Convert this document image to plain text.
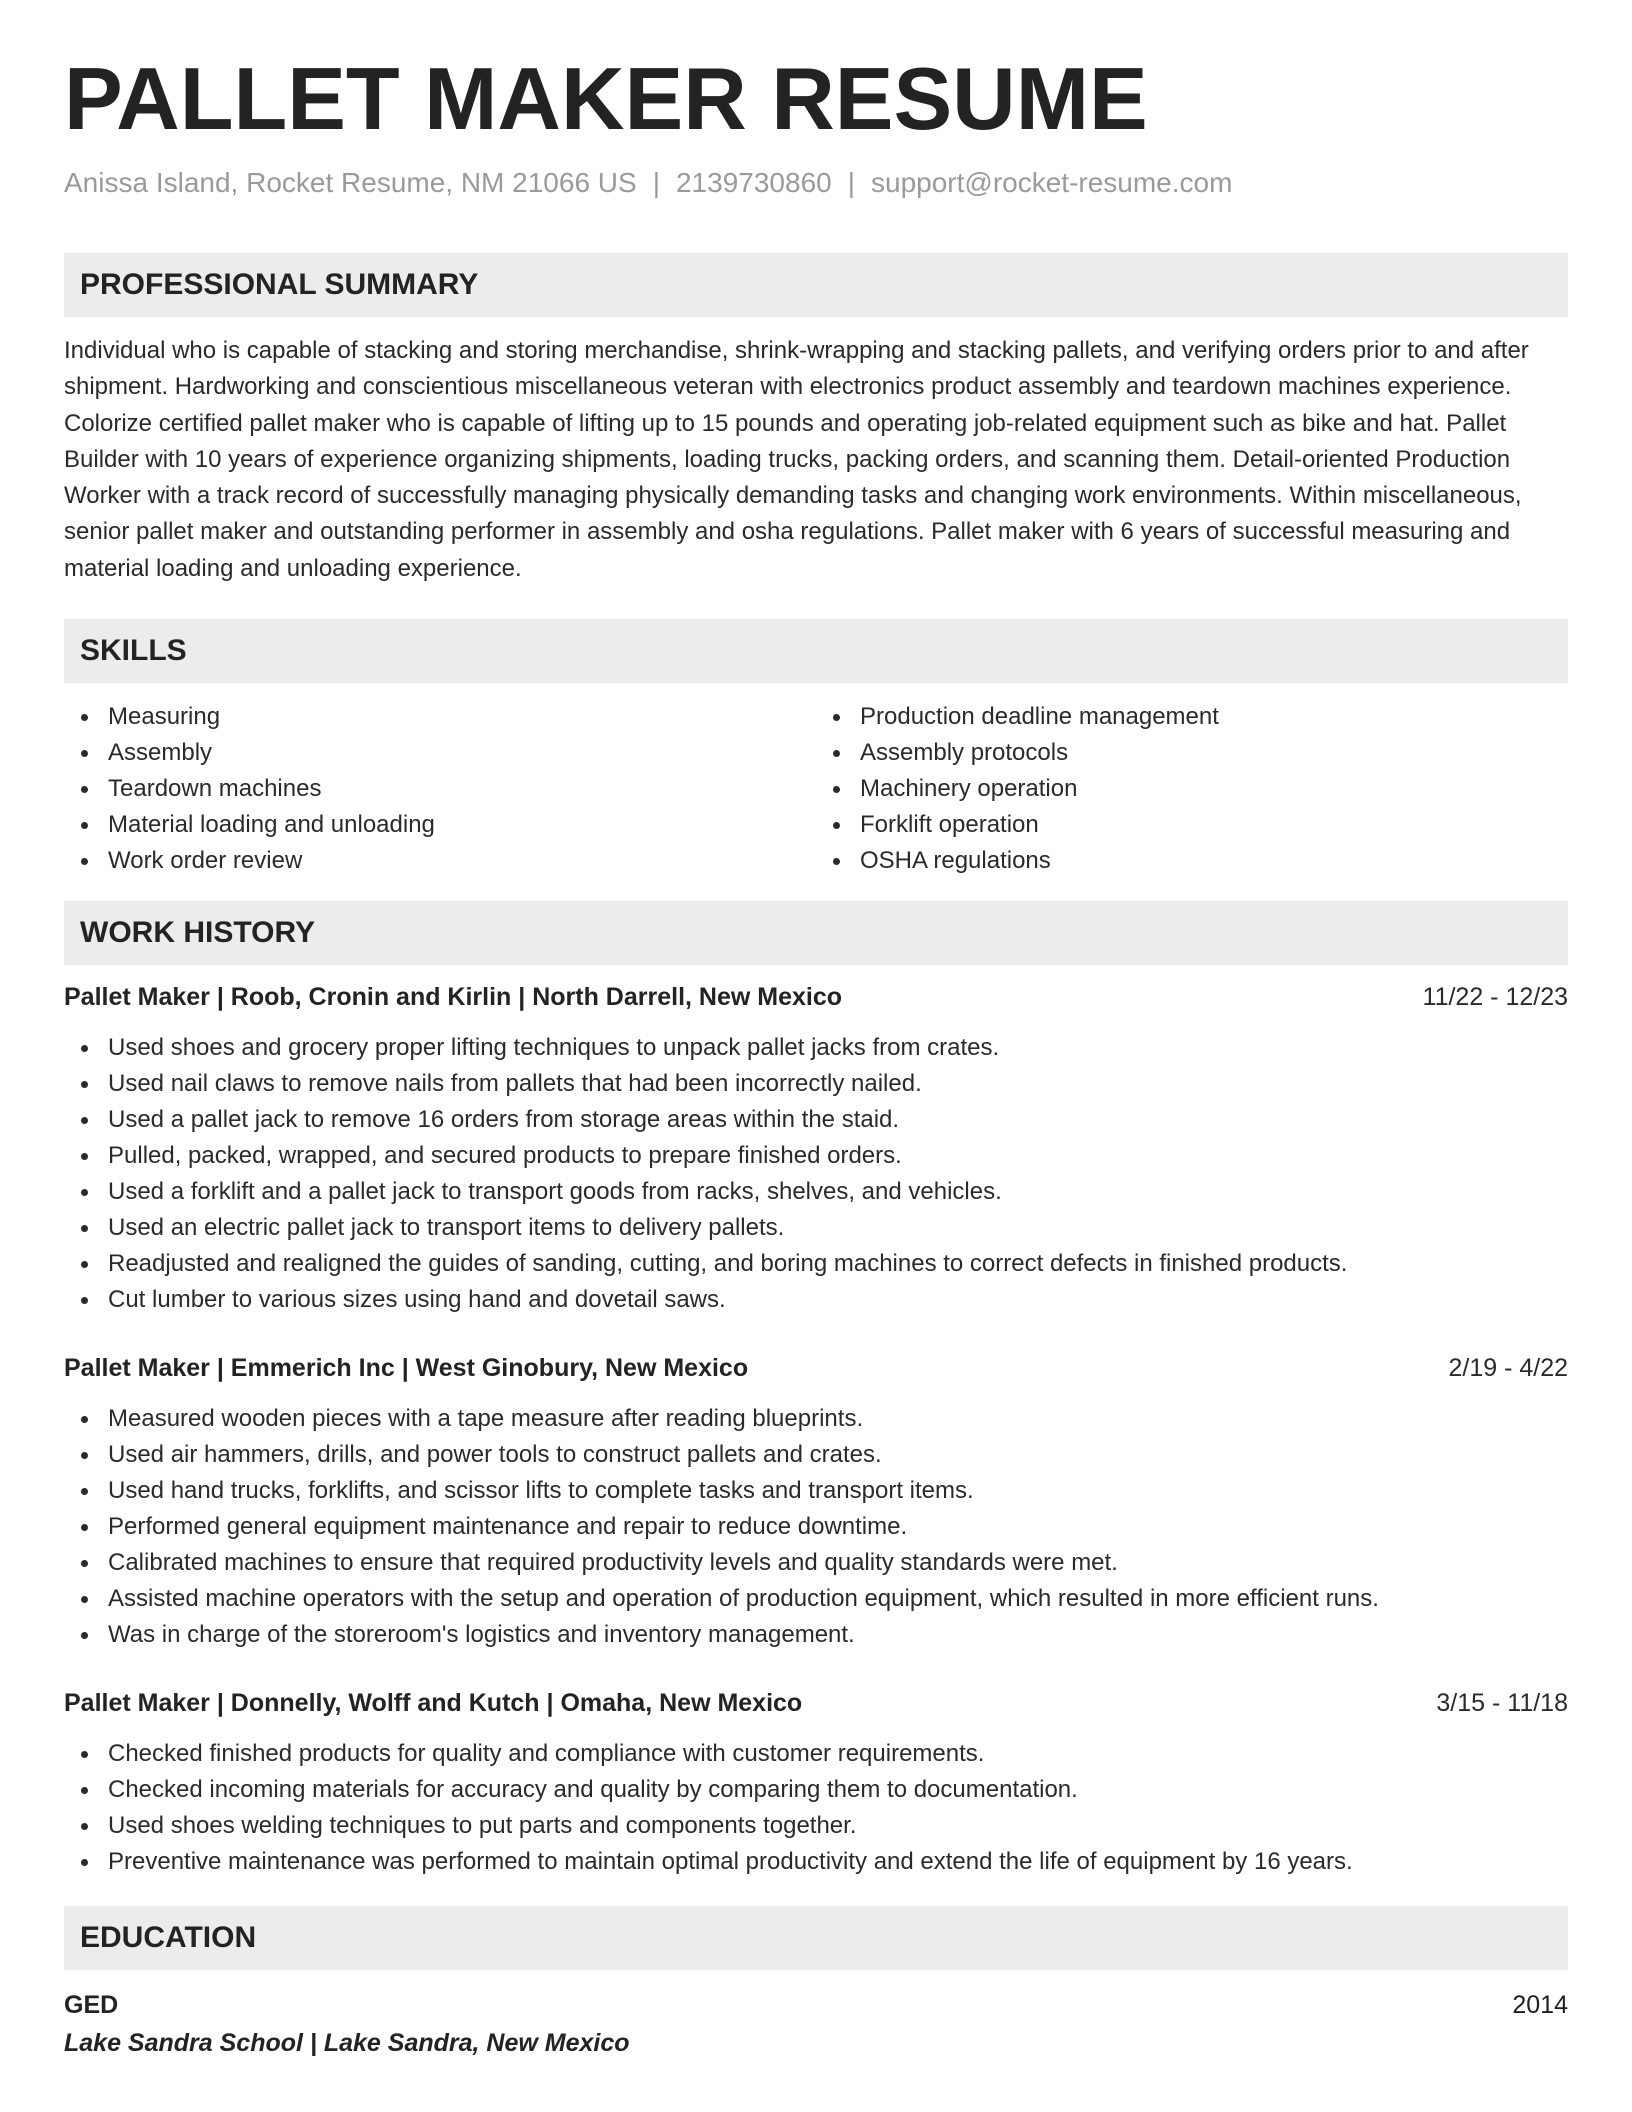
PALLET MAKER RESUME
Anissa Island, Rocket Resume, NM 21066 US | 2139730860 | support@rocket-resume.com
PROFESSIONAL SUMMARY
Individual who is capable of stacking and storing merchandise, shrink-wrapping and stacking pallets, and verifying orders prior to and after shipment. Hardworking and conscientious miscellaneous veteran with electronics product assembly and teardown machines experience. Colorize certified pallet maker who is capable of lifting up to 15 pounds and operating job-related equipment such as bike and hat. Pallet Builder with 10 years of experience organizing shipments, loading trucks, packing orders, and scanning them. Detail-oriented Production Worker with a track record of successfully managing physically demanding tasks and changing work environments. Within miscellaneous, senior pallet maker and outstanding performer in assembly and osha regulations. Pallet maker with 6 years of successful measuring and material loading and unloading experience.
SKILLS
Measuring
Assembly
Teardown machines
Material loading and unloading
Work order review
Production deadline management
Assembly protocols
Machinery operation
Forklift operation
OSHA regulations
WORK HISTORY
Pallet Maker | Roob, Cronin and Kirlin | North Darrell, New Mexico	11/22 - 12/23
Used shoes and grocery proper lifting techniques to unpack pallet jacks from crates.
Used nail claws to remove nails from pallets that had been incorrectly nailed.
Used a pallet jack to remove 16 orders from storage areas within the staid.
Pulled, packed, wrapped, and secured products to prepare finished orders.
Used a forklift and a pallet jack to transport goods from racks, shelves, and vehicles.
Used an electric pallet jack to transport items to delivery pallets.
Readjusted and realigned the guides of sanding, cutting, and boring machines to correct defects in finished products.
Cut lumber to various sizes using hand and dovetail saws.
Pallet Maker | Emmerich Inc | West Ginobury, New Mexico	2/19 - 4/22
Measured wooden pieces with a tape measure after reading blueprints.
Used air hammers, drills, and power tools to construct pallets and crates.
Used hand trucks, forklifts, and scissor lifts to complete tasks and transport items.
Performed general equipment maintenance and repair to reduce downtime.
Calibrated machines to ensure that required productivity levels and quality standards were met.
Assisted machine operators with the setup and operation of production equipment, which resulted in more efficient runs.
Was in charge of the storeroom's logistics and inventory management.
Pallet Maker | Donnelly, Wolff and Kutch | Omaha, New Mexico	3/15 - 11/18
Checked finished products for quality and compliance with customer requirements.
Checked incoming materials for accuracy and quality by comparing them to documentation.
Used shoes welding techniques to put parts and components together.
Preventive maintenance was performed to maintain optimal productivity and extend the life of equipment by 16 years.
EDUCATION
GED	2014
Lake Sandra School | Lake Sandra, New Mexico
